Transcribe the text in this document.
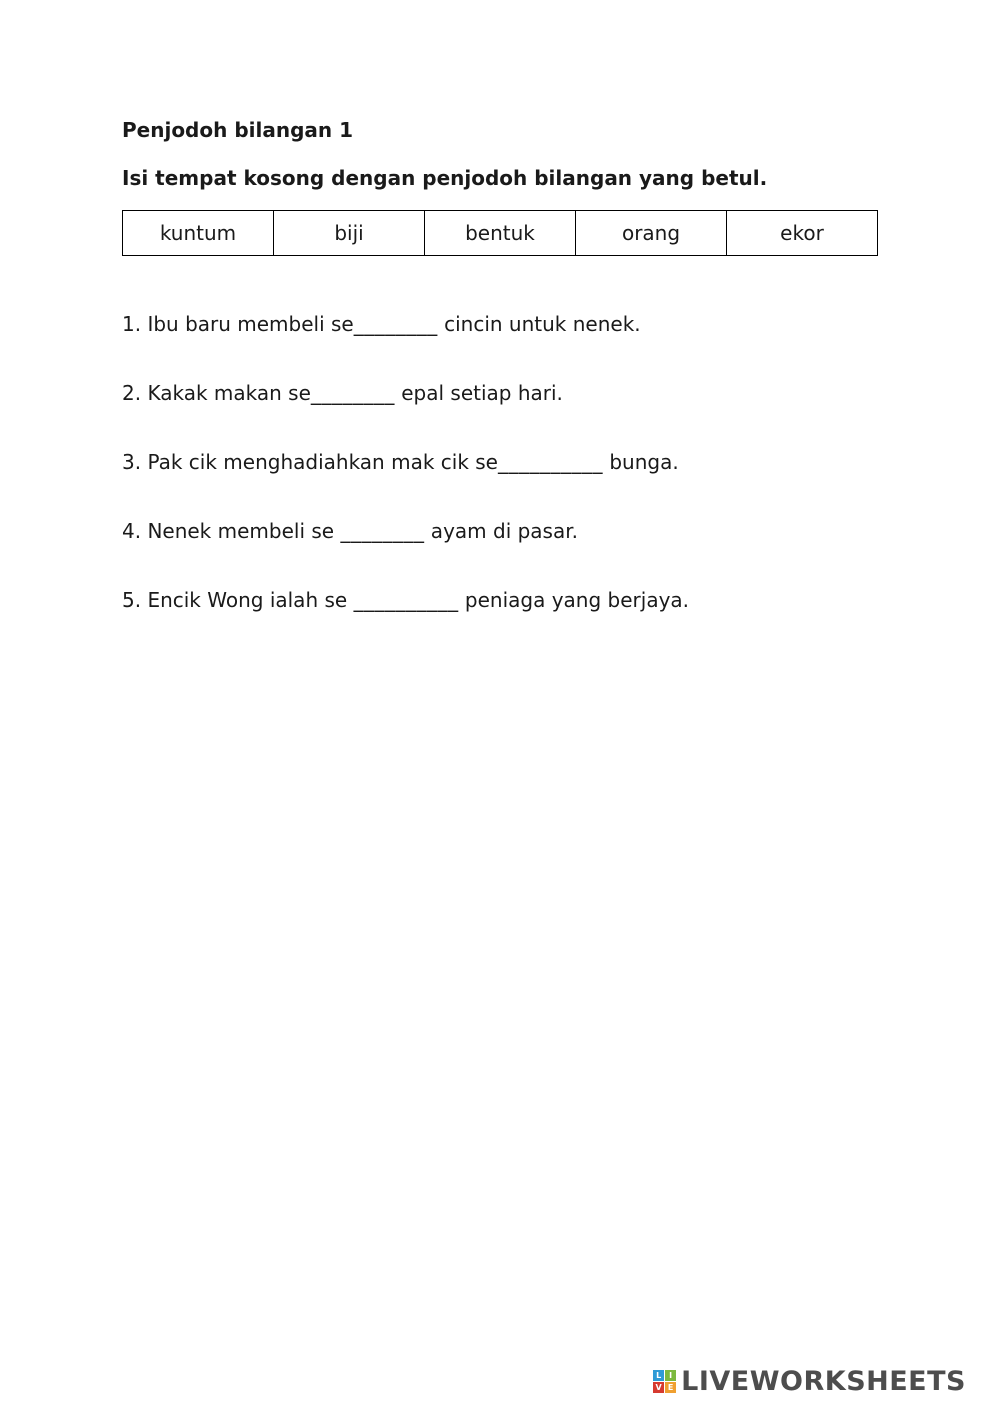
Penjodoh bilangan 1
Isi tempat kosong dengan penjodoh bilangan yang betul.
kuntum	biji	bentuk	orang	ekor
1. Ibu baru membeli se________ cincin untuk nenek.
2. Kakak makan se________ epal setiap hari.
3. Pak cik menghadiahkan mak cik se__________ bunga.
4. Nenek membeli se ________ ayam di pasar.
5. Encik Wong ialah se __________ peniaga yang berjaya.
L I
V E LIVEWORKSHEETS
